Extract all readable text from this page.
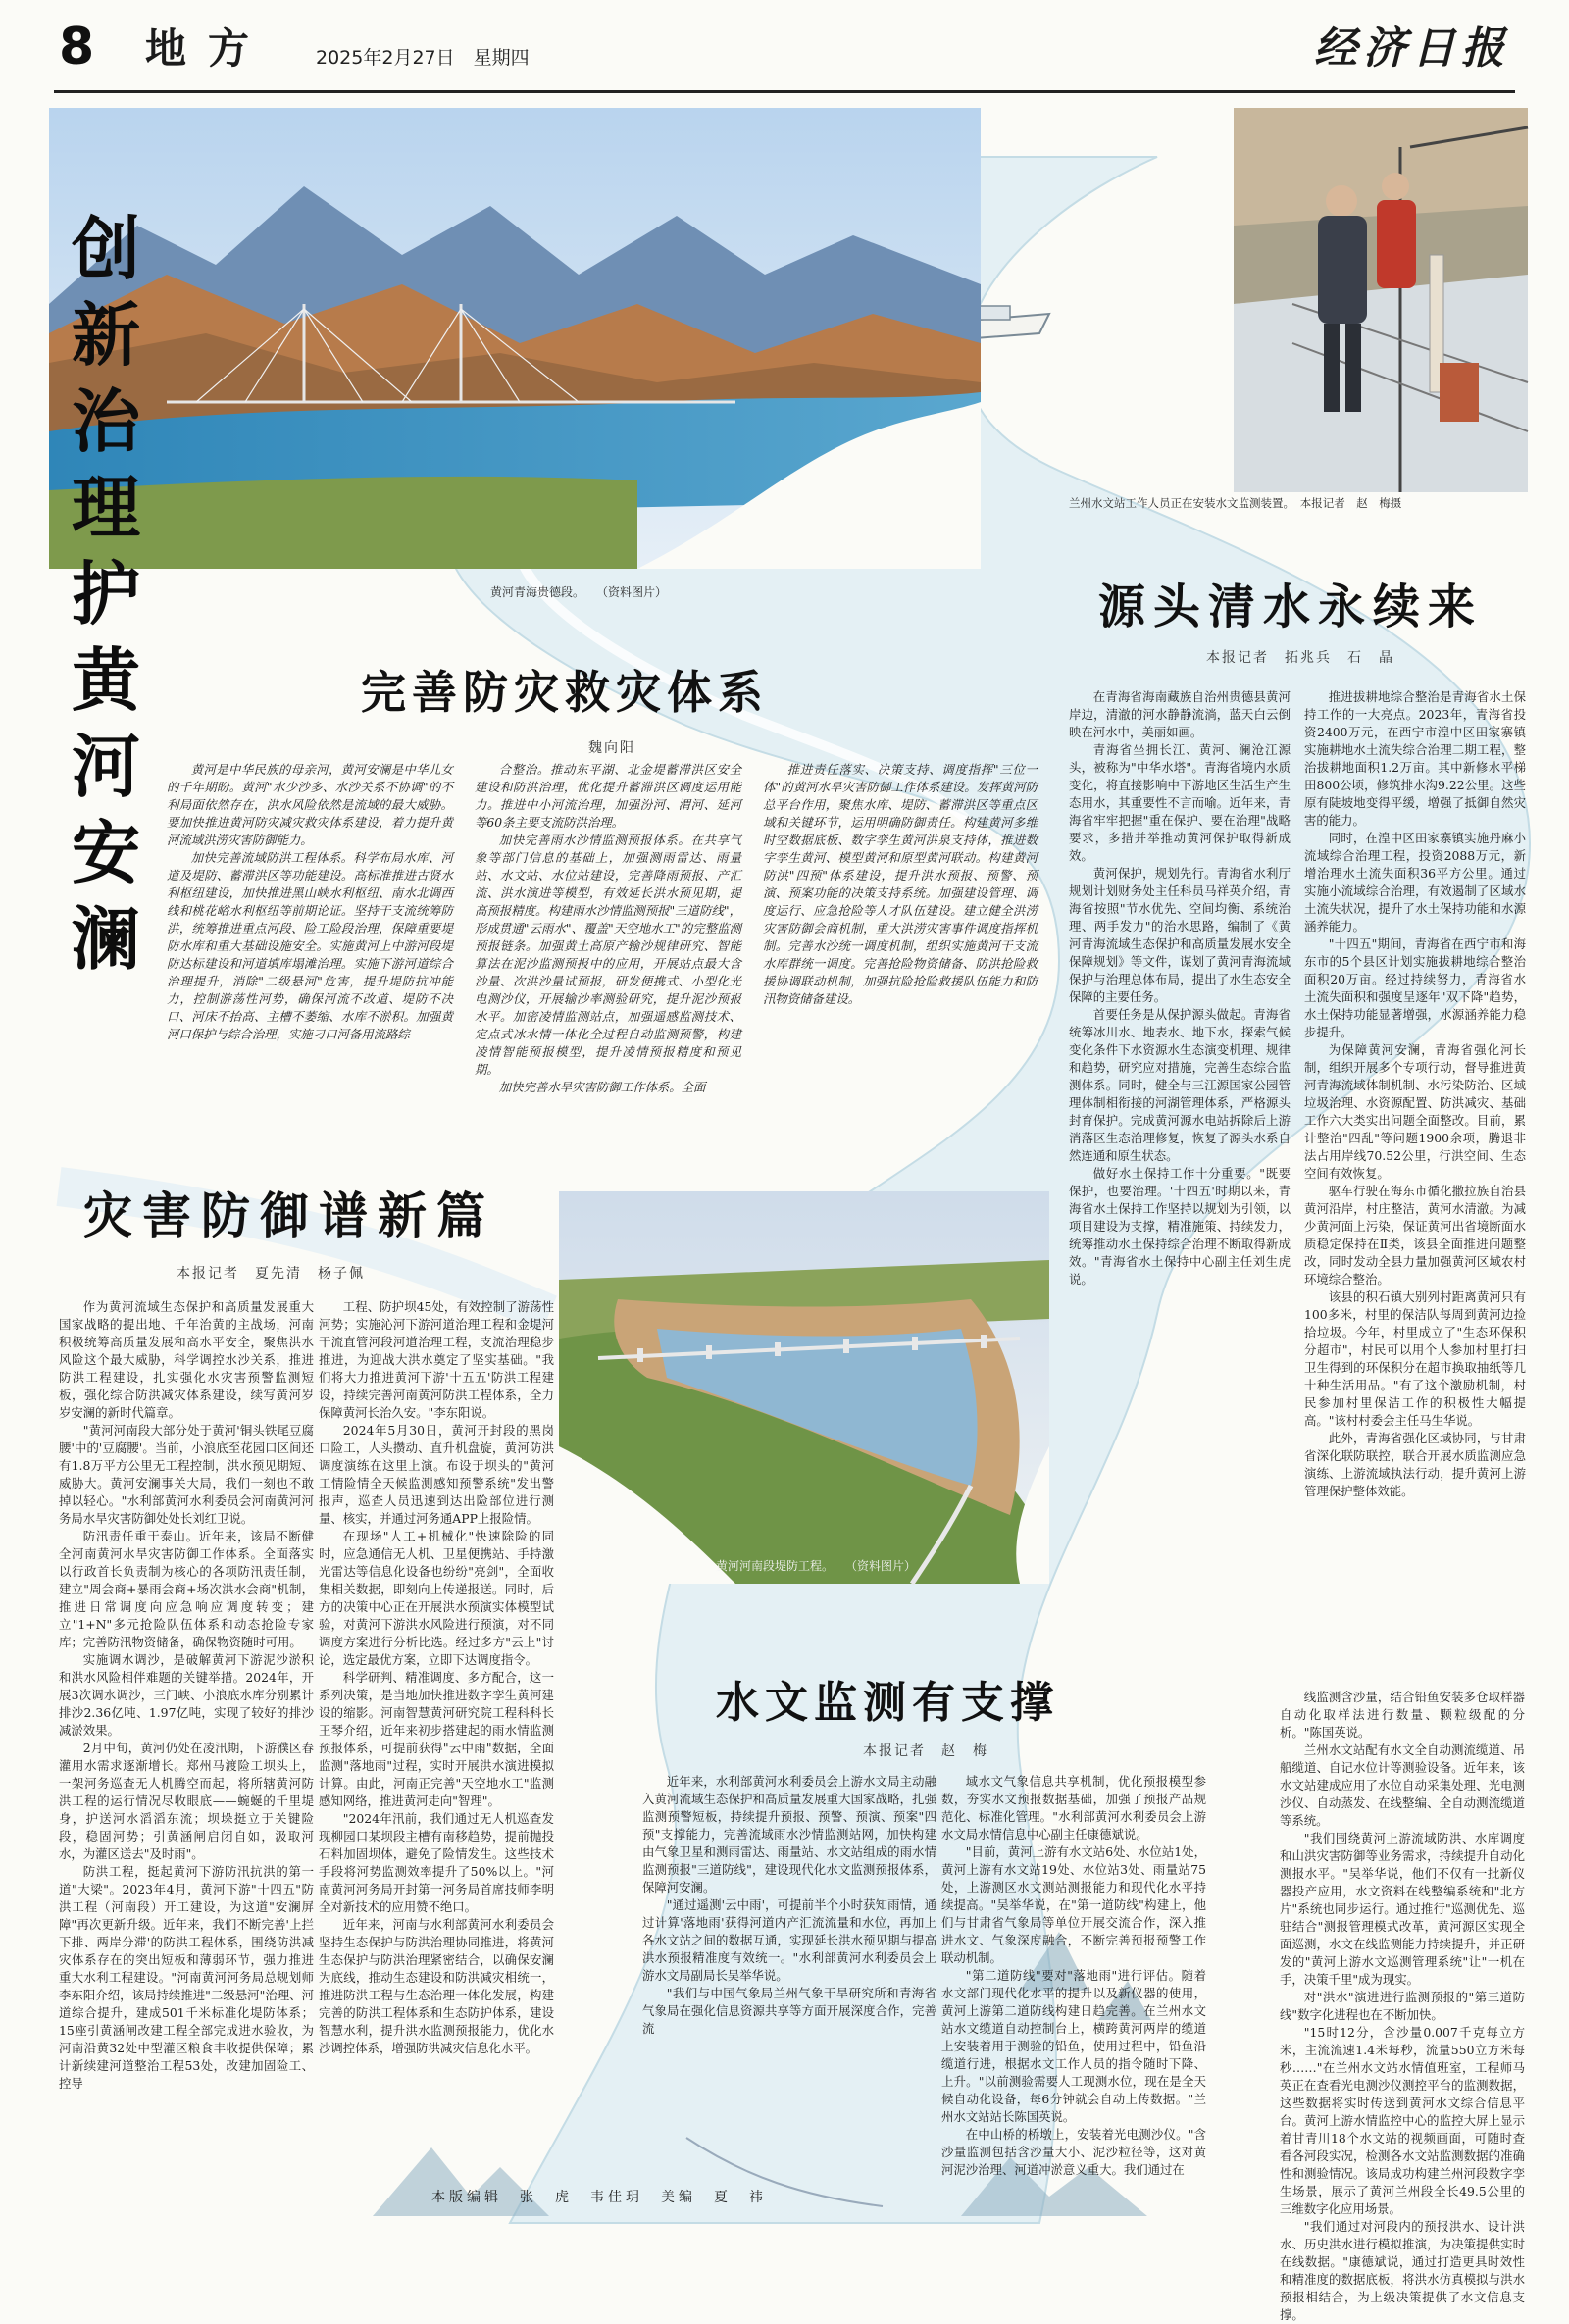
8 地方 2025年2月27日　星期四	经济日报
黄河青海贵德段。　　（资料图片）
兰州水文站工作人员正在安装水文监测装置。　本报记者　赵　梅摄
创
新
治
理
护
黄
河
安
澜
完善防灾救灾体系
魏向阳

黄河是中华民族的母亲河，黄河安澜是中华儿女的千年期盼。黄河"水少沙多、水沙关系不协调"的不利局面依然存在，洪水风险依然是流域的最大威胁。要加快推进黄河防灾减灾救灾体系建设，着力提升黄河流域洪涝灾害防御能力。

加快完善流域防洪工程体系。科学布局水库、河道及堤防、蓄滞洪区等功能建设。高标准推进古贤水利枢纽建设，加快推进黑山峡水利枢纽、南水北调西线和桃花峪水利枢纽等前期论证。坚持干支流统筹防洪，统筹推进重点河段、险工险段治理，保障重要堤防水库和重大基础设施安全。实施黄河上中游河段堤防达标建设和河道填库塌滩治理。实施下游河道综合治理提升，消除"二级悬河"危害，提升堤防抗冲能力，控制游荡性河势，确保河流不改道、堤防不决口、河床不抬高、主槽不萎缩、水库不淤积。加强黄河口保护与综合治理，实施刁口河备用流路综

合整治。推动东平湖、北金堤蓄滞洪区安全建设和防洪治理，优化提升蓄滞洪区调度运用能力。推进中小河流治理，加强汾河、渭河、延河等60条主要支流防洪治理。

加快完善雨水沙情监测预报体系。在共享气象等部门信息的基础上，加强测雨雷达、雨量站、水文站、水位站建设，完善降雨预报、产汇流、洪水演进等模型，有效延长洪水预见期，提高预报精度。构建雨水沙情监测预报"三道防线"，形成贯通"云雨水"、覆盖"天空地水工"的完整监测预报链条。加强黄土高原产输沙规律研究、智能算法在泥沙监测预报中的应用，开展站点最大含沙量、次洪沙量试预报，研发便携式、小型化光电测沙仪，开展输沙率测验研究，提升泥沙预报水平。加密凌情监测站点，加强遥感监测技术、定点式冰水情一体化全过程自动监测预警，构建凌情智能预报模型，提升凌情预报精度和预见期。

加快完善水旱灾害防御工作体系。全面

推进责任落实、决策支持、调度指挥"三位一体"的黄河水旱灾害防御工作体系建设。发挥黄河防总平台作用，聚焦水库、堤防、蓄滞洪区等重点区域和关键环节，运用明确防御责任。构建黄河多维时空数据底板、数字孪生黄河洪泉支持体，推进数字孪生黄河、模型黄河和原型黄河联动。构建黄河防洪"四预"体系建设，提升洪水预报、预警、预演、预案功能的决策支持系统。加强建设管理、调度运行、应急抢险等人才队伍建设。建立健全洪涝灾害防御会商机制，重大洪涝灾害事件调度指挥机制。完善水沙统一调度机制，组织实施黄河干支流水库群统一调度。完善抢险物资储备、防洪抢险救援协调联动机制，加强抗险抢险救援队伍能力和防汛物资储备建设。

源头清水永续来
本报记者　拓兆兵　石　晶

在青海省海南藏族自治州贵德县黄河岸边，清澈的河水静静流淌，蓝天白云倒映在河水中，美丽如画。

青海省坐拥长江、黄河、澜沧江源头，被称为"中华水塔"。青海省境内水质变化，将直接影响中下游地区生活生产生态用水，其重要性不言而喻。近年来，青海省牢牢把握"重在保护、要在治理"战略要求，多措并举推动黄河保护取得新成效。

黄河保护，规划先行。青海省水利厅规划计划财务处主任科员马祥英介绍，青海省按照"节水优先、空间均衡、系统治理、两手发力"的治水思路，编制了《黄河青海流域生态保护和高质量发展水安全保障规划》等文件，谋划了黄河青海流域保护与治理总体布局，提出了水生态安全保障的主要任务。

首要任务是从保护源头做起。青海省统筹冰川水、地表水、地下水，探索气候变化条件下水资源水生态演变机理、规律和趋势，研究应对措施，完善生态综合监测体系。同时，健全与三江源国家公园管理体制相衔接的河湖管理体系，严格源头封育保护。完成黄河源水电站拆除后上游消落区生态治理修复，恢复了源头水系自然连通和原生状态。

做好水土保持工作十分重要。"既要保护，也要治理。'十四五'时期以来，青海省水土保持工作坚持以规划为引领，以项目建设为支撑，精准施策、持续发力，统筹推动水土保持综合治理不断取得新成效。"青海省水土保持中心副主任刘生虎说。

推进拔耕地综合整治是青海省水土保持工作的一大亮点。2023年，青海省投资2400万元，在西宁市湟中区田家寨镇实施耕地水土流失综合治理二期工程，整治拔耕地面积1.2万亩。其中新修水平梯田800公顷，修筑排水沟9.22公里。这些原有陡坡地变得平缓，增强了抵御自然灾害的能力。

同时，在湟中区田家寨镇实施丹麻小流域综合治理工程，投资2088万元，新增治理水土流失面积36平方公里。通过实施小流域综合治理，有效遏制了区域水土流失状况，提升了水土保持功能和水源涵养能力。

"十四五"期间，青海省在西宁市和海东市的5个县区计划实施拔耕地综合整治面积20万亩。经过持续努力，青海省水土流失面积和强度呈逐年"双下降"趋势，水土保持功能显著增强，水源涵养能力稳步提升。

为保障黄河安澜，青海省强化河长制，组织开展多个专项行动，督导推进黄河青海流域体制机制、水污染防治、区域垃圾治理、水资源配置、防洪减灾、基础工作六大类实出问题全面整改。目前，累计整治"四乱"等问题1900余项，腾退非法占用岸线70.52公里，行洪空间、生态空间有效恢复。

驱车行驶在海东市循化撒拉族自治县黄河沿岸，村庄整洁，黄河水清澈。为减少黄河面上污染，保证黄河出省境断面水质稳定保持在Ⅱ类，该县全面推进问题整改，同时发动全县力量加强黄河区域农村环境综合整治。

该县的积石镇大别列村距离黄河只有100多米，村里的保洁队每周到黄河边捡拾垃圾。今年，村里成立了"生态环保积分超市"，村民可以用个人参加村里打扫卫生得到的环保积分在超市换取抽纸等几十种生活用品。"有了这个激励机制，村民参加村里保洁工作的积极性大幅提高。"该村村委会主任马生华说。

此外，青海省强化区域协同，与甘肃省深化联防联控，联合开展水质监测应急演练、上游流域执法行动，提升黄河上游管理保护整体效能。

灾害防御谱新篇
本报记者　夏先清　杨子佩
黄河河南段堤防工程。　　（资料图片）

作为黄河流域生态保护和高质量发展重大国家战略的提出地、千年治黄的主战场，河南积极统筹高质量发展和高水平安全，聚焦洪水风险这个最大威胁，科学调控水沙关系，推进防洪工程建设，扎实强化水灾害预警监测短板，强化综合防洪减灾体系建设，续写黄河岁岁安澜的新时代篇章。

"黄河河南段大部分处于黄河'铜头铁尾豆腐腰'中的'豆腐腰'。当前，小浪底至花园口区间还有1.8万平方公里无工程控制，洪水预见期短、威胁大。黄河安澜事关大局，我们一刻也不敢掉以轻心。"水利部黄河水利委员会河南黄河河务局水旱灾害防御处处长刘红卫说。

防汛责任重于泰山。近年来，该局不断健全河南黄河水旱灾害防御工作体系。全面落实以行政首长负责制为核心的各项防汛责任制，建立"周会商+暴雨会商+场次洪水会商"机制，推进日常调度向应急响应调度转变；建立"1+N"多元抢险队伍体系和动态抢险专家库；完善防汛物资储备，确保物资随时可用。

实施调水调沙，是破解黄河下游泥沙淤积和洪水风险相伴难题的关键举措。2024年，开展3次调水调沙，三门峡、小浪底水库分别累计排沙2.36亿吨、1.97亿吨，实现了较好的排沙减淤效果。

2月中旬，黄河仍处在凌汛期，下游濮区春灌用水需求逐渐增长。郑州马渡险工坝头上，一架河务巡查无人机腾空而起，将所辖黄河防洪工程的运行情况尽收眼底——蜿蜒的千里堤身，护送河水滔滔东流；坝垛挺立于关键险段，稳固河势；引黄涵闸启闭自如，汲取河水，为灌区送去"及时雨"。

防洪工程，挺起黄河下游防汛抗洪的第一道"大梁"。2023年4月，黄河下游"十四五"防洪工程（河南段）开工建设，为这道"安澜屏障"再次更新升级。近年来，我们不断完善'上拦下排、两岸分滞'的防洪工程体系，围绕防洪减灾体系存在的突出短板和薄弱环节，强力推进重大水利工程建设。"河南黄河河务局总规划师李东阳介绍，该局持续推进"二级悬河"治理、河道综合提升，建成501千米标准化堤防体系；15座引黄涵闸改建工程全部完成进水验收，为河南沿黄32处中型灌区粮食丰收提供保障；累计新续建河道整治工程53处，改建加固险工、控导

工程、防护坝45处，有效控制了游荡性河势；实施沁河下游河道治理工程和金堤河干流直管河段河道治理工程，支流治理稳步推进，为迎战大洪水奠定了坚实基础。"我们将大力推进黄河下游'十五五'防洪工程建设，持续完善河南黄河防洪工程体系，全力保障黄河长治久安。"李东阳说。

2024年5月30日，黄河开封段的黑岗口险工，人头攒动、直升机盘旋，黄河防洪调度演练在这里上演。布设于坝头的"黄河工情险情全天候监测感知预警系统"发出警报声，巡查人员迅速到达出险部位进行测量、核实，并通过河务通APP上报险情。

在现场"人工+机械化"快速除险的同时，应急通信无人机、卫星便携站、手持激光雷达等信息化设备也纷纷"亮剑"，全面收集相关数据，即刻向上传递报送。同时，后方的决策中心正在开展洪水预演实体模型试验，对黄河下游洪水风险进行预演，对不同调度方案进行分析比选。经过多方"云上"讨论，选定最优方案，立即下达调度指令。

科学研判、精准调度、多方配合，这一系列决策，是当地加快推进数字孪生黄河建设的缩影。河南智慧黄河研究院工程科科长王琴介绍，近年来初步搭建起的雨水情监测预报体系，可提前获得"云中雨"数据，全面监测"落地雨"过程，实时开展洪水演进模拟计算。由此，河南正完善"天空地水工"监测感知网络，推进黄河走向"智理"。

"2024年汛前，我们通过无人机巡查发现柳园口某坝段主槽有南移趋势，提前抛投石料加固坝体，避免了险情发生。这些技术手段将河势监测效率提升了50%以上。"河南黄河河务局开封第一河务局首席技师李明全对新技术的应用赞不绝口。

近年来，河南与水利部黄河水利委员会坚持生态保护与防洪治理协同推进，将黄河生态保护与防洪治理紧密结合，以确保安澜为底线，推动生态建设和防洪减灾相统一，推进防洪工程与生态治理一体化发展，构建完善的防洪工程体系和生态防护体系，建设智慧水利，提升洪水监测预报能力，优化水沙调控体系，增强防洪减灾信息化水平。

水文监测有支撑
本报记者　赵　梅

近年来，水利部黄河水利委员会上游水文局主动融入黄河流域生态保护和高质量发展重大国家战略，扎强监测预警短板，持续提升预报、预警、预演、预案"四预"支撑能力，完善流域雨水沙情监测站网，加快构建由气象卫星和测雨雷达、雨量站、水文站组成的雨水情监测预报"三道防线"，建设现代化水文监测预报体系，保障河安澜。

"通过遥测'云中雨'，可提前半个小时获知雨情，通过计算'落地雨'获得河道内产汇流流量和水位，再加上各水文站之间的数据互通，实现延长洪水预见期与提高洪水预报精准度有效统一。"水利部黄河水利委员会上游水文局副局长吴举华说。

"我们与中国气象局兰州气象干旱研究所和青海省气象局在强化信息资源共享等方面开展深度合作，完善流

域水文气象信息共享机制，优化预报模型参数，夯实水文预报数据基础，加强了预报产品规范化、标准化管理。"水利部黄河水利委员会上游水文局水情信息中心副主任康德斌说。

"目前，黄河上游有水文站6处、水位站1处，黄河上游有水文站19处、水位站3处、雨量站75处，上游测区水文测站测报能力和现代化水平持续提高。"吴举华说，在"第一道防线"构建上，他们与甘肃省气象局等单位开展交流合作，深入推进水文、气象深度融合，不断完善预报预警工作联动机制。

"第二道防线"要对"落地雨"进行评估。随着水文部门现代化水平的提升以及新仪器的使用，黄河上游第二道防线构建日趋完善。在兰州水文站水文缆道自动控制台上，横跨黄河两岸的缆道上安装着用于测验的铅鱼，使用过程中，铅鱼沿缆道行进，根据水文工作人员的指令随时下降、上升。"以前测验需要人工现测水位，现在是全天候自动化设备，每6分钟就会自动上传数据。"兰州水文站站长陈国英说。

在中山桥的桥墩上，安装着光电测沙仪。"含沙量监测包括含沙量大小、泥沙粒径等，这对黄河泥沙治理、河道冲淤意义重大。我们通过在

线监测含沙量，结合铅鱼安装多仓取样器自动化取样法进行数量、颗粒级配的分析。"陈国英说。

兰州水文站配有水文全自动测流缆道、吊船缆道、自记水位计等测验设备。近年来，该水文站建成应用了水位自动采集处理、光电测沙仪、自动蒸发、在线整编、全自动测流缆道等系统。

"我们围绕黄河上游流域防洪、水库调度和山洪灾害防御等业务需求，持续提升自动化测报水平。"吴举华说，他们不仅有一批新仪器投产应用，水文资料在线整编系统和"北方片"系统也同步运行。通过推行"巡测优先、巡驻结合"测报管理模式改革，黄河源区实现全面巡测，水文在线监测能力持续提升，并正研发的"黄河上游水文巡测管理系统"让"一机在手，决策千里"成为现实。

对"洪水"演进进行监测预报的"第三道防线"数字化进程也在不断加快。

"15时12分，含沙量0.007千克每立方米，主流流速1.4米每秒，流量550立方米每秒……"在兰州水文站水情值班室，工程师马英正在查看光电测沙仪测控平台的监测数据，这些数据将实时传送到黄河水文综合信息平台。黄河上游水情监控中心的监控大屏上显示着甘青川18个水文站的视频画面，可随时查看各河段实况，检测各水文站监测数据的准确性和测验情况。该局成功构建兰州河段数字孪生场景，展示了黄河兰州段全长49.5公里的三维数字化应用场景。

"我们通过对河段内的预报洪水、设计洪水、历史洪水进行模拟推演，为决策提供实时在线数据。"康德斌说，通过打造更具时效性和精准度的数据底板，将洪水仿真模拟与洪水预报相结合，为上级决策提供了水文信息支撑。

本版编辑　张　虎　韦佳玥　美编　夏　祎
